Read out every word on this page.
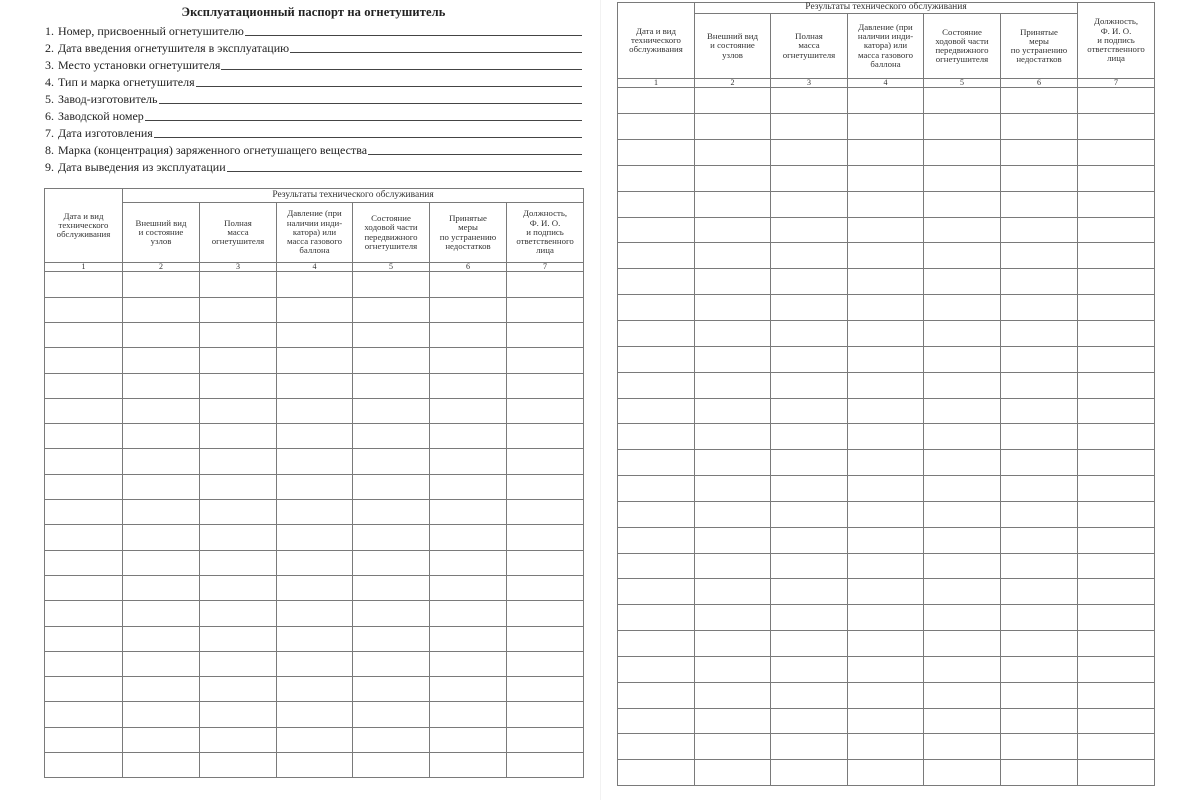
Эксплуатационный паспорт на огнетушитель
1. Номер, присвоенный огнетушителю
2. Дата введения огнетушителя в эксплуатацию
3. Место установки огнетушителя
4. Тип и марка огнетушителя
5. Завод-изготовитель
6. Заводской номер
7. Дата изготовления
8. Марка (концентрация) заряженного огнетушащего вещества
9. Дата выведения из эксплуатации
Дата и вид
технического
обслуживания	Результаты технического обслуживания					
	Внешний вид
и состояние
узлов	Полная
масса
огнетушителя	Давление (при
наличии инди-
катора) или
масса газового
баллона	Состояние
ходовой части
передвижного
огнетушителя	Принятые
меры
по устранению
недостатков	Должность,
Ф. И. О.
и подпись
ответственного
лица
1	2	3	4	5	6	7

Дата и вид
технического
обслуживания	Результаты технического обслуживания					Должность,
Ф. И. О.
и подпись
ответственного
лица
	Внешний вид
и состояние
узлов	Полная
масса
огнетушителя	Давление (при
наличии инди-
катора) или
масса газового
баллона	Состояние
ходовой части
передвижного
огнетушителя	Принятые
меры
по устранению
недостатков	
1	2	3	4	5	6	7
